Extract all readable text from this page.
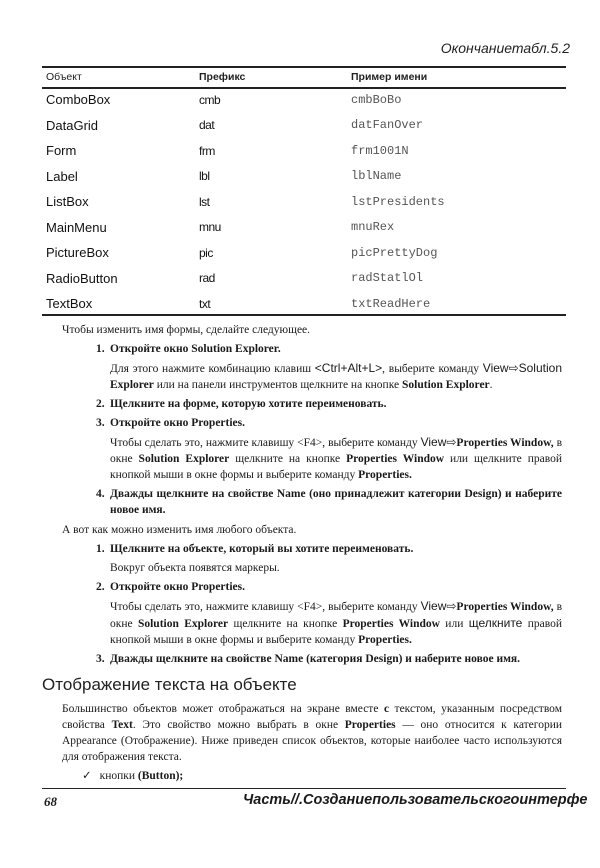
Окончаниетабл.5.2
Объект	Префикс	Пример имени
ComboBox	cmb	cmbBoBo
DataGrid	dat	datFanOver
Form	frm	frm1001N
Label	lbl	lblName
ListBox	lst	lstPresidents
MainMenu	mnu	mnuRex
PictureBox	pic	picPrettyDog
RadioButton	rad	radStatlOl
TextBox	txt	txtReadHere
Чтобы изменить имя формы, сделайте следующее.
1. Откройте окно Solution Explorer.
Для этого нажмите комбинацию клавиш <Ctrl+Alt+L>, выберите команду View⇨Solution Explorer или на панели инструментов щелкните на кнопке Solution Explorer.
2. Щелкните на форме, которую хотите переименовать.
3. Откройте окно Properties.
Чтобы сделать это, нажмите клавишу <F4>, выберите команду View⇨Properties Window, в окне Solution Explorer щелкните на кнопке Properties Window или щелкните правой кнопкой мыши в окне формы и выберите команду Properties.
4. Дважды щелкните на свойстве Name (оно принадлежит категории Design) и наберите новое имя.
А вот как можно изменить имя любого объекта.
1. Щелкните на объекте, который вы хотите переименовать.
Вокруг объекта появятся маркеры.
2. Откройте окно Properties.
Чтобы сделать это, нажмите клавишу <F4>, выберите команду View⇨Properties Window, в окне Solution Explorer щелкните на кнопке Properties Window или щелкните правой кнопкой мыши в окне формы и выберите команду Properties.
3. Дважды щелкните на свойстве Name (категория Design) и наберите новое имя.
Отображение текста на объекте
Большинство объектов может отображаться на экране вместе с текстом, указанным посредством свойства Text. Это свойство можно выбрать в окне Properties — оно относится к категории Appearance (Отображение). Ниже приведен список объектов, которые наиболее часто используются для отображения текста.
✓ кнопки (Button);
68	Часть//.Созданиепользовательскогоинтерфе
